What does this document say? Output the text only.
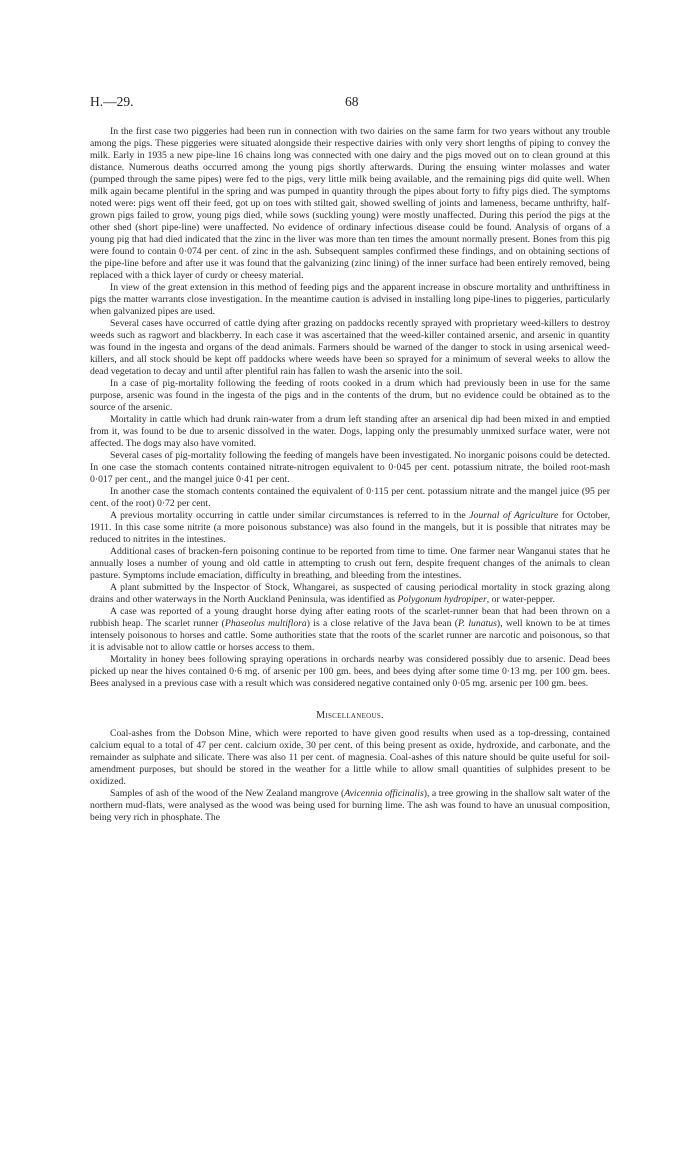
H.—29.	68

In the first case two piggeries had been run in connection with two dairies on the same farm for two years without any trouble among the pigs. These piggeries were situated alongside their respective dairies with only very short lengths of piping to convey the milk. Early in 1935 a new pipe-line 16 chains long was connected with one dairy and the pigs moved out on to clean ground at this distance. Numerous deaths occurred among the young pigs shortly afterwards. During the ensuing winter molasses and water (pumped through the same pipes) were fed to the pigs, very little milk being available, and the remaining pigs did quite well. When milk again became plentiful in the spring and was pumped in quantity through the pipes about forty to fifty pigs died. The symptoms noted were: pigs went off their feed, got up on toes with stilted gait, showed swelling of joints and lameness, became unthrifty, half-grown pigs failed to grow, young pigs died, while sows (suckling young) were mostly unaffected. During this period the pigs at the other shed (short pipe-line) were unaffected. No evidence of ordinary infectious disease could be found. Analysis of organs of a young pig that had died indicated that the zinc in the liver was more than ten times the amount normally present. Bones from this pig were found to contain 0·074 per cent. of zinc in the ash. Subsequent samples confirmed these findings, and on obtaining sections of the pipe-line before and after use it was found that the galvanizing (zinc lining) of the inner surface had been entirely removed, being replaced with a thick layer of curdy or cheesy material.

In view of the great extension in this method of feeding pigs and the apparent increase in obscure mortality and unthriftiness in pigs the matter warrants close investigation. In the meantime caution is advised in installing long pipe-lines to piggeries, particularly when galvanized pipes are used.

Several cases have occurred of cattle dying after grazing on paddocks recently sprayed with proprietary weed-killers to destroy weeds such as ragwort and blackberry. In each case it was ascertained that the weed-killer contained arsenic, and arsenic in quantity was found in the ingesta and organs of the dead animals. Farmers should be warned of the danger to stock in using arsenical weed-killers, and all stock should be kept off paddocks where weeds have been so sprayed for a minimum of several weeks to allow the dead vegetation to decay and until after plentiful rain has fallen to wash the arsenic into the soil.

In a case of pig-mortality following the feeding of roots cooked in a drum which had previously been in use for the same purpose, arsenic was found in the ingesta of the pigs and in the contents of the drum, but no evidence could be obtained as to the source of the arsenic.

Mortality in cattle which had drunk rain-water from a drum left standing after an arsenical dip had been mixed in and emptied from it, was found to be due to arsenic dissolved in the water. Dogs, lapping only the presumably unmixed surface water, were not affected. The dogs may also have vomited.

Several cases of pig-mortality following the feeding of mangels have been investigated. No inorganic poisons could be detected. In one case the stomach contents contained nitrate-nitrogen equivalent to 0·045 per cent. potassium nitrate, the boiled root-mash 0·017 per cent., and the mangel juice 0·41 per cent.

In another case the stomach contents contained the equivalent of 0·115 per cent. potassium nitrate and the mangel juice (95 per cent. of the root) 0·72 per cent.

A previous mortality occurring in cattle under similar circumstances is referred to in the Journal of Agriculture for October, 1911. In this case some nitrite (a more poisonous substance) was also found in the mangels, but it is possible that nitrates may be reduced to nitrites in the intestines.

Additional cases of bracken-fern poisoning continue to be reported from time to time. One farmer near Wanganui states that he annually loses a number of young and old cattle in attempting to crush out fern, despite frequent changes of the animals to clean pasture. Symptoms include emaciation, difficulty in breathing, and bleeding from the intestines.

A plant submitted by the Inspector of Stock, Whangarei, as suspected of causing periodical mortality in stock grazing along drains and other waterways in the North Auckland Peninsula, was identified as Polygonum hydropiper, or water-pepper.

A case was reported of a young draught horse dying after eating roots of the scarlet-runner bean that had been thrown on a rubbish heap. The scarlet runner (Phaseolus multiflora) is a close relative of the Java bean (P. lunatus), well known to be at times intensely poisonous to horses and cattle. Some authorities state that the roots of the scarlet runner are narcotic and poisonous, so that it is advisable not to allow cattle or horses access to them.

Mortality in honey bees following spraying operations in orchards nearby was considered possibly due to arsenic. Dead bees picked up near the hives contained 0·6 mg. of arsenic per 100 gm. bees, and bees dying after some time 0·13 mg. per 100 gm. bees. Bees analysed in a previous case with a result which was considered negative contained only 0·05 mg. arsenic per 100 gm. bees.

Miscellaneous.

Coal-ashes from the Dobson Mine, which were reported to have given good results when used as a top-dressing, contained calcium equal to a total of 47 per cent. calcium oxide, 30 per cent. of this being present as oxide, hydroxide, and carbonate, and the remainder as sulphate and silicate. There was also 11 per cent. of magnesia. Coal-ashes of this nature should be quite useful for soil-amendment purposes, but should be stored in the weather for a little while to allow small quantities of sulphides present to be oxidized.

Samples of ash of the wood of the New Zealand mangrove (Avicennia officinalis), a tree growing in the shallow salt water of the northern mud-flats, were analysed as the wood was being used for burning lime. The ash was found to have an unusual composition, being very rich in phosphate. The
